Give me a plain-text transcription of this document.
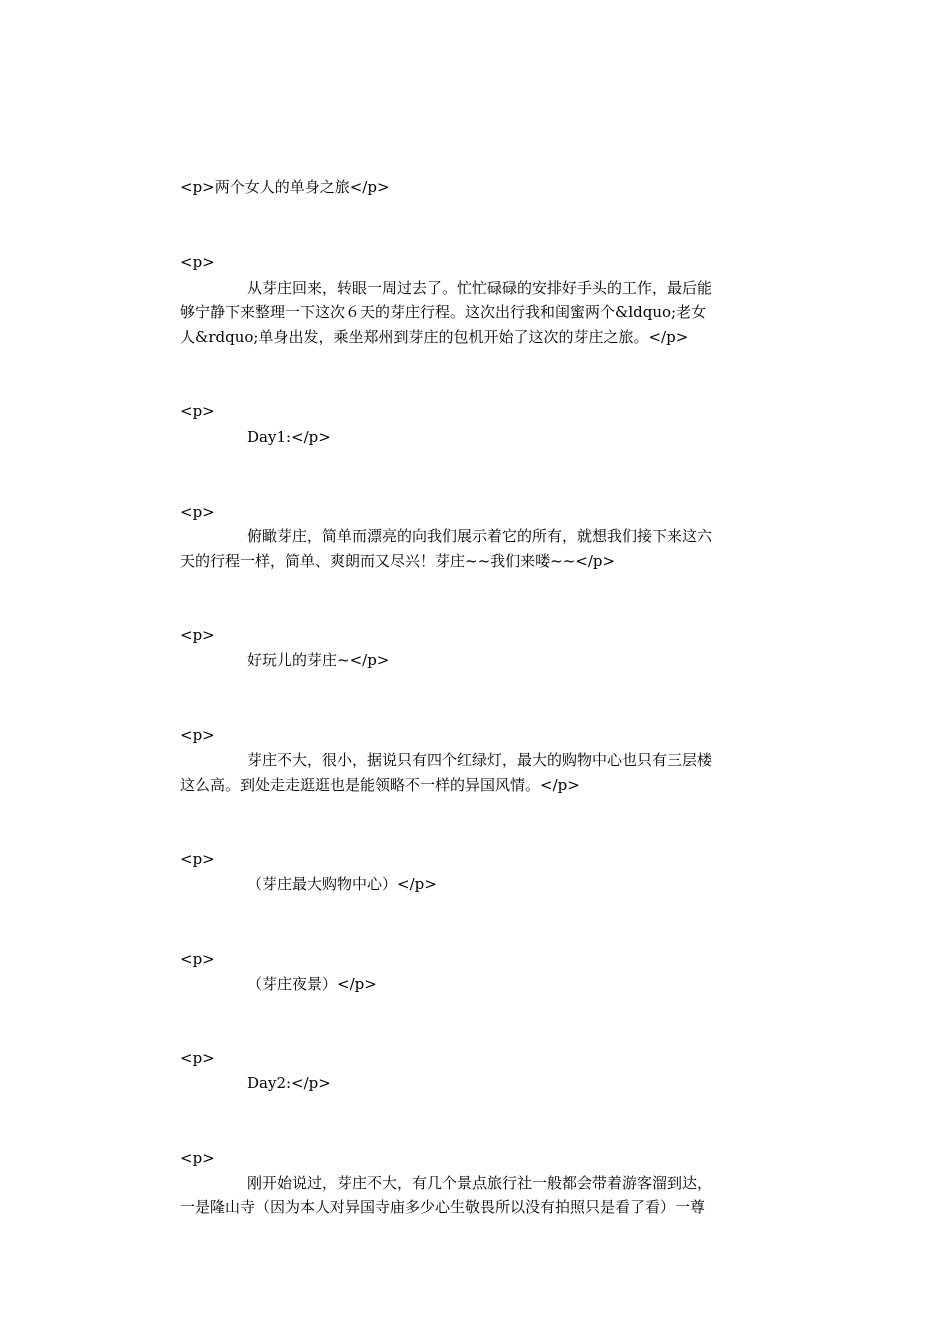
<p>两个女人的单身之旅</p>
<p>
从芽庄回来，转眼一周过去了。忙忙碌碌的安排好手头的工作，最后能
够宁静下来整理一下这次６天的芽庄行程。这次出行我和闺蜜两个&ldquo;老女
人&rdquo;单身出发，乘坐郑州到芽庄的包机开始了这次的芽庄之旅。</p>
<p>
Day1:</p>
<p>
俯瞰芽庄，简单而漂亮的向我们展示着它的所有，就想我们接下来这六
天的行程一样，简单、爽朗而又尽兴！芽庄~~我们来喽~~</p>
<p>
好玩儿的芽庄~</p>
<p>
芽庄不大，很小，据说只有四个红绿灯，最大的购物中心也只有三层楼
这么高。到处走走逛逛也是能领略不一样的异国风情。</p>
<p>
（芽庄最大购物中心）</p>
<p>
（芽庄夜景）</p>
<p>
Day2:</p>
<p>
刚开始说过，芽庄不大，有几个景点旅行社一般都会带着游客溜到达，
一是隆山寺（因为本人对异国寺庙多少心生敬畏所以没有拍照只是看了看）一尊
